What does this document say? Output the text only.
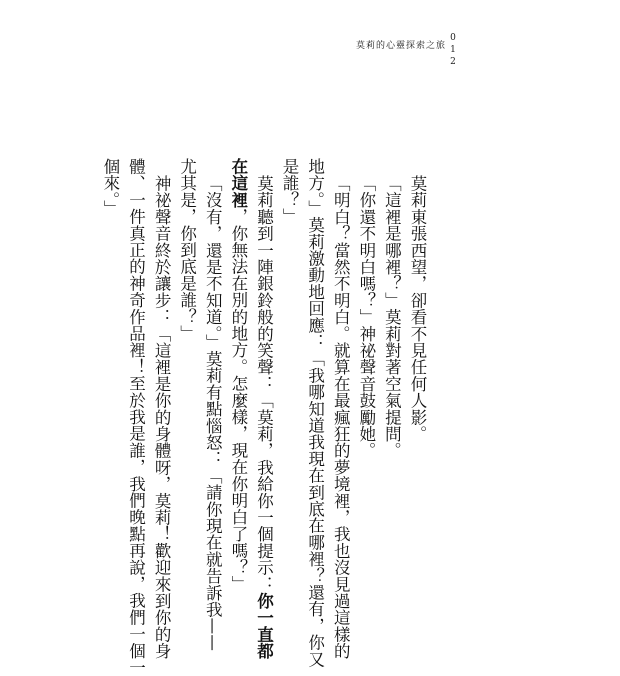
莫莉的心靈探索之旅 012

莫莉東張西望，卻看不見任何人影。

「這裡是哪裡？」莫莉對著空氣提問。

「你還不明白嗎？」神祕聲音鼓勵她。

「明白？當然不明白。就算在最瘋狂的夢境裡，我也沒見過這樣的
地方。」莫莉激動地回應：「我哪知道我現在到底在哪裡？還有，你又
是誰？」

莫莉聽到一陣銀鈴般的笑聲：「莫莉，我給你一個提示：你一直都
在這裡，你無法在別的地方。怎麼樣，現在你明白了嗎？」

「沒有，還是不知道。」莫莉有點惱怒：「請你現在就告訴我——
尤其是，你到底是誰？」

神祕聲音終於讓步：「這裡是你的身體呀，莫莉！歡迎來到你的身
體、一件真正的神奇作品裡！至於我是誰，我們晚點再說，我們一個一
個來。」
